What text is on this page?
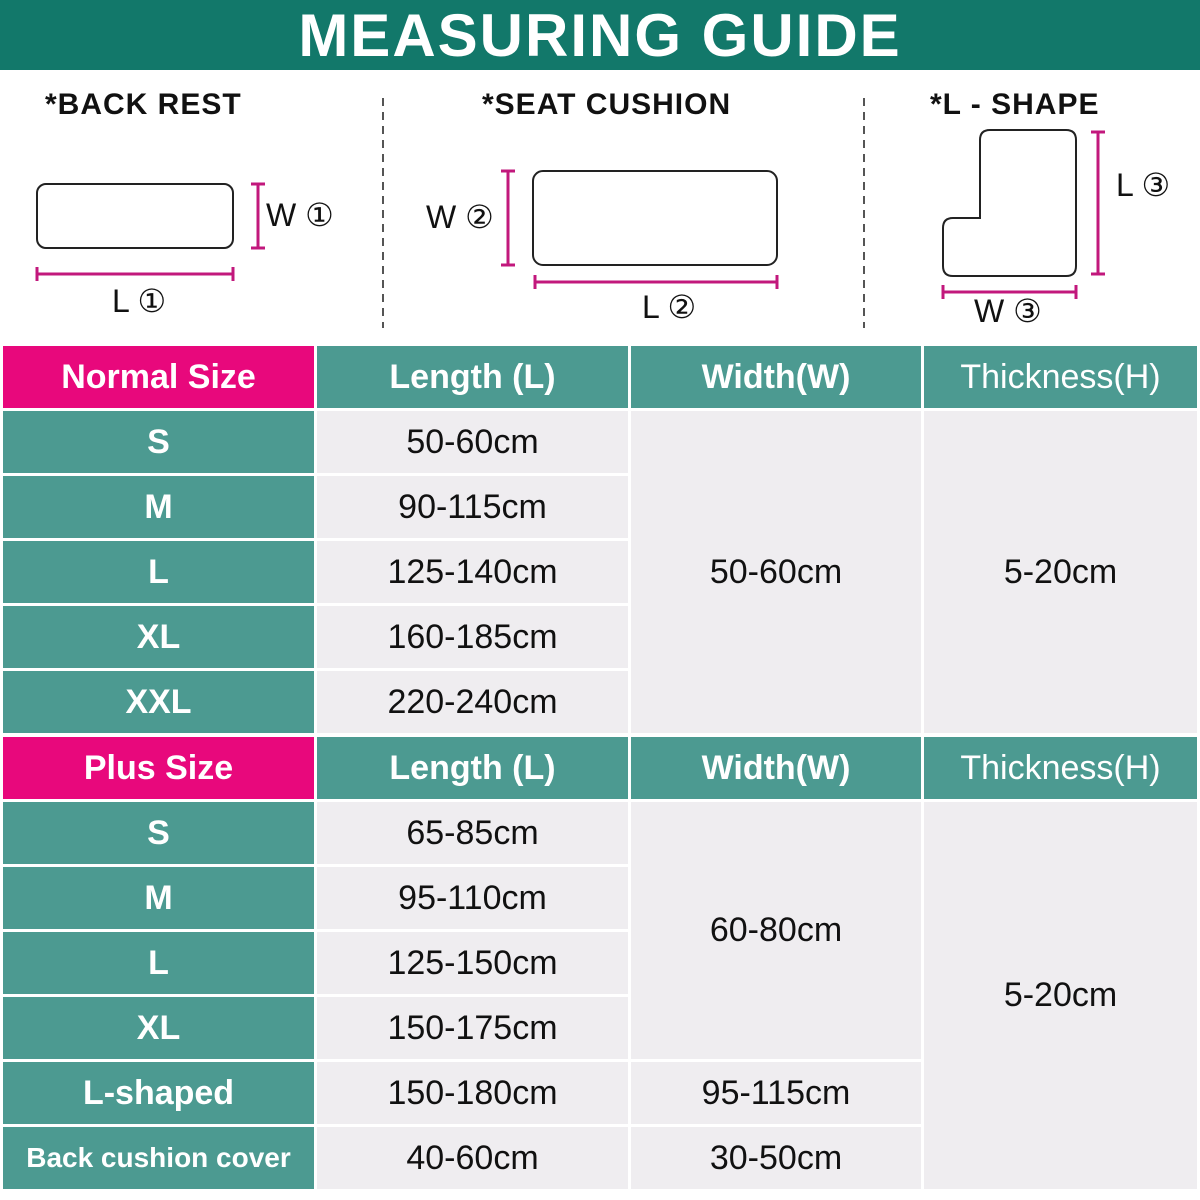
MEASURING GUIDE
*BACK REST	*SEAT CUSHION	*L - SHAPE
W ①
L ①
W ②
L ②
L ③
W ③
Normal Size	Length (L)	Width(W)	Thickness(H)
S	50-60cm	50-60cm	5-20cm
M	90-115cm		
L	125-140cm		
XL	160-185cm		
XXL	220-240cm		
Plus Size	Length (L)	Width(W)	Thickness(H)
S	65-85cm	60-80cm	5-20cm
M	95-110cm		
L	125-150cm		
XL	150-175cm		
L-shaped	150-180cm	95-115cm	
Back cushion cover	40-60cm	30-50cm	
